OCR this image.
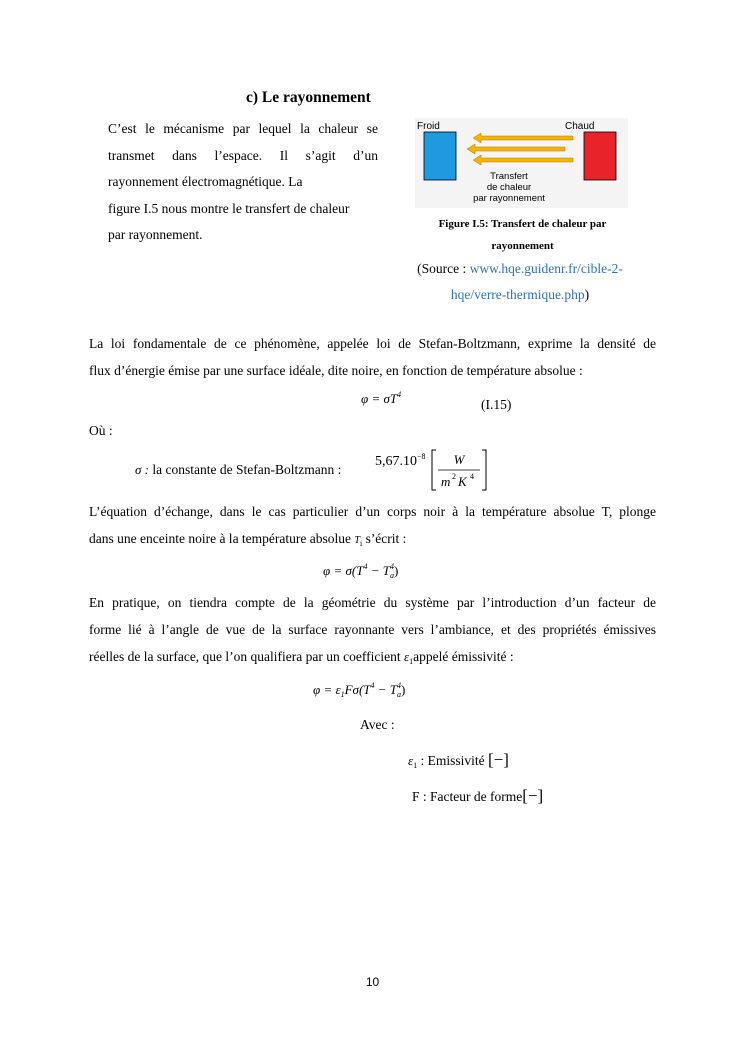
c) Le rayonnement
C’est le mécanisme par lequel la chaleur se
transmet dans l’espace. Il s’agit d’un
rayonnement électromagnétique. La
figure I.5 nous montre le transfert de chaleur
par rayonnement.
Froid	Chaud
Transfert
de chaleur
par rayonnement
Figure I.5: Transfert de chaleur par
rayonnement
(Source : www.hqe.guidenr.fr/cible-2-
hqe/verre-thermique.php)
La loi fondamentale de ce phénomène, appelée loi de Stefan-Boltzmann, exprime la densité de
flux d’énergie émise par une surface idéale, dite noire, en fonction de température absolue :
$\varphi = \sigma T^4$
(I.15)
Où :
σ : la constante de Stefan-Boltzmann :
$5,67.10^{-8}$ W
m 2 K 4
L’équation d’échange, dans le cas particulier d’un corps noir à la température absolue T, plonge
dans une enceinte noire à la température absolue $T_i$ s’écrit :
$\varphi = \sigma(T^4 - T_a^4)$
En pratique, on tiendra compte de la géométrie du système par l’introduction d’un facteur de
forme lié à l’angle de vue de la surface rayonnante vers l’ambiance, et des propriétés émissives
réelles de la surface, que l’on qualifiera par un coefficient $\varepsilon_1appelé$ émissivité :
$\varphi = \varepsilon_1F\sigma(T^4 - T_a^4)$
Avec :
$\varepsilon_1$ : Emissivité [−]
F : Facteur de forme[−]
10
